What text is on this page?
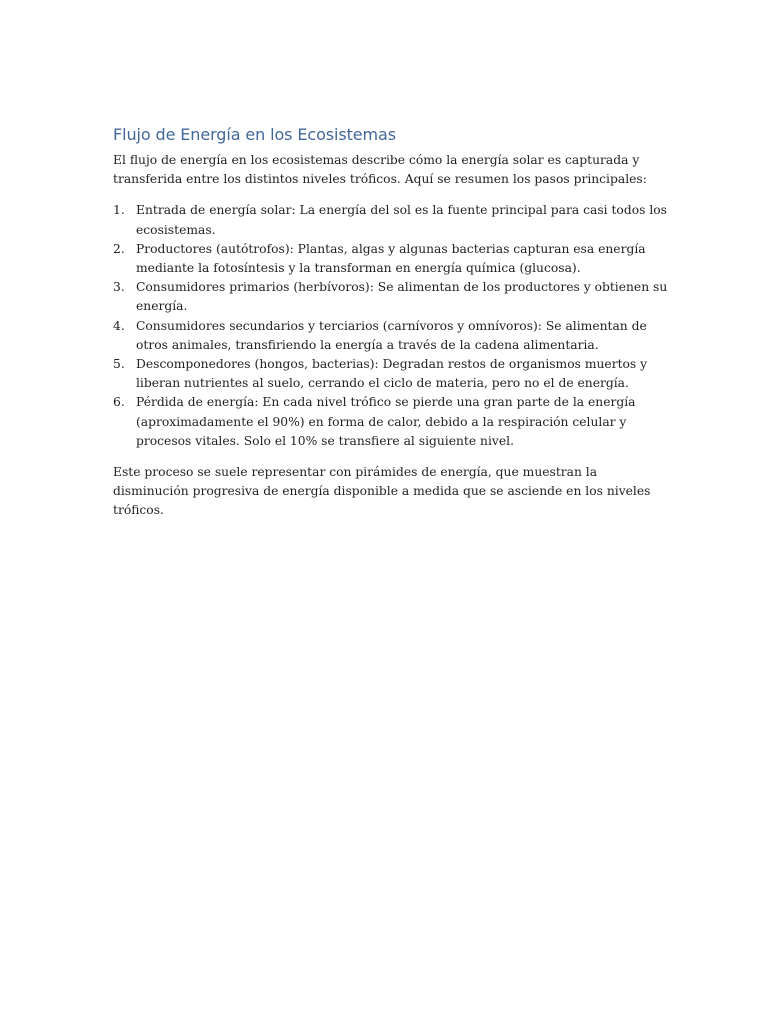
Flujo de Energía en los Ecosistemas

El flujo de energía en los ecosistemas describe cómo la energía solar es capturada y transferida entre los distintos niveles tróficos. Aquí se resumen los pasos principales:

1. Entrada de energía solar: La energía del sol es la fuente principal para casi todos los ecosistemas.
2. Productores (autótrofos): Plantas, algas y algunas bacterias capturan esa energía mediante la fotosíntesis y la transforman en energía química (glucosa).
3. Consumidores primarios (herbívoros): Se alimentan de los productores y obtienen su energía.
4. Consumidores secundarios y terciarios (carnívoros y omnívoros): Se alimentan de otros animales, transfiriendo la energía a través de la cadena alimentaria.
5. Descomponedores (hongos, bacterias): Degradan restos de organismos muertos y liberan nutrientes al suelo, cerrando el ciclo de materia, pero no el de energía.
6. Pérdida de energía: En cada nivel trófico se pierde una gran parte de la energía (aproximadamente el 90%) en forma de calor, debido a la respiración celular y procesos vitales. Solo el 10% se transfiere al siguiente nivel.

Este proceso se suele representar con pirámides de energía, que muestran la disminución progresiva de energía disponible a medida que se asciende en los niveles tróficos.
